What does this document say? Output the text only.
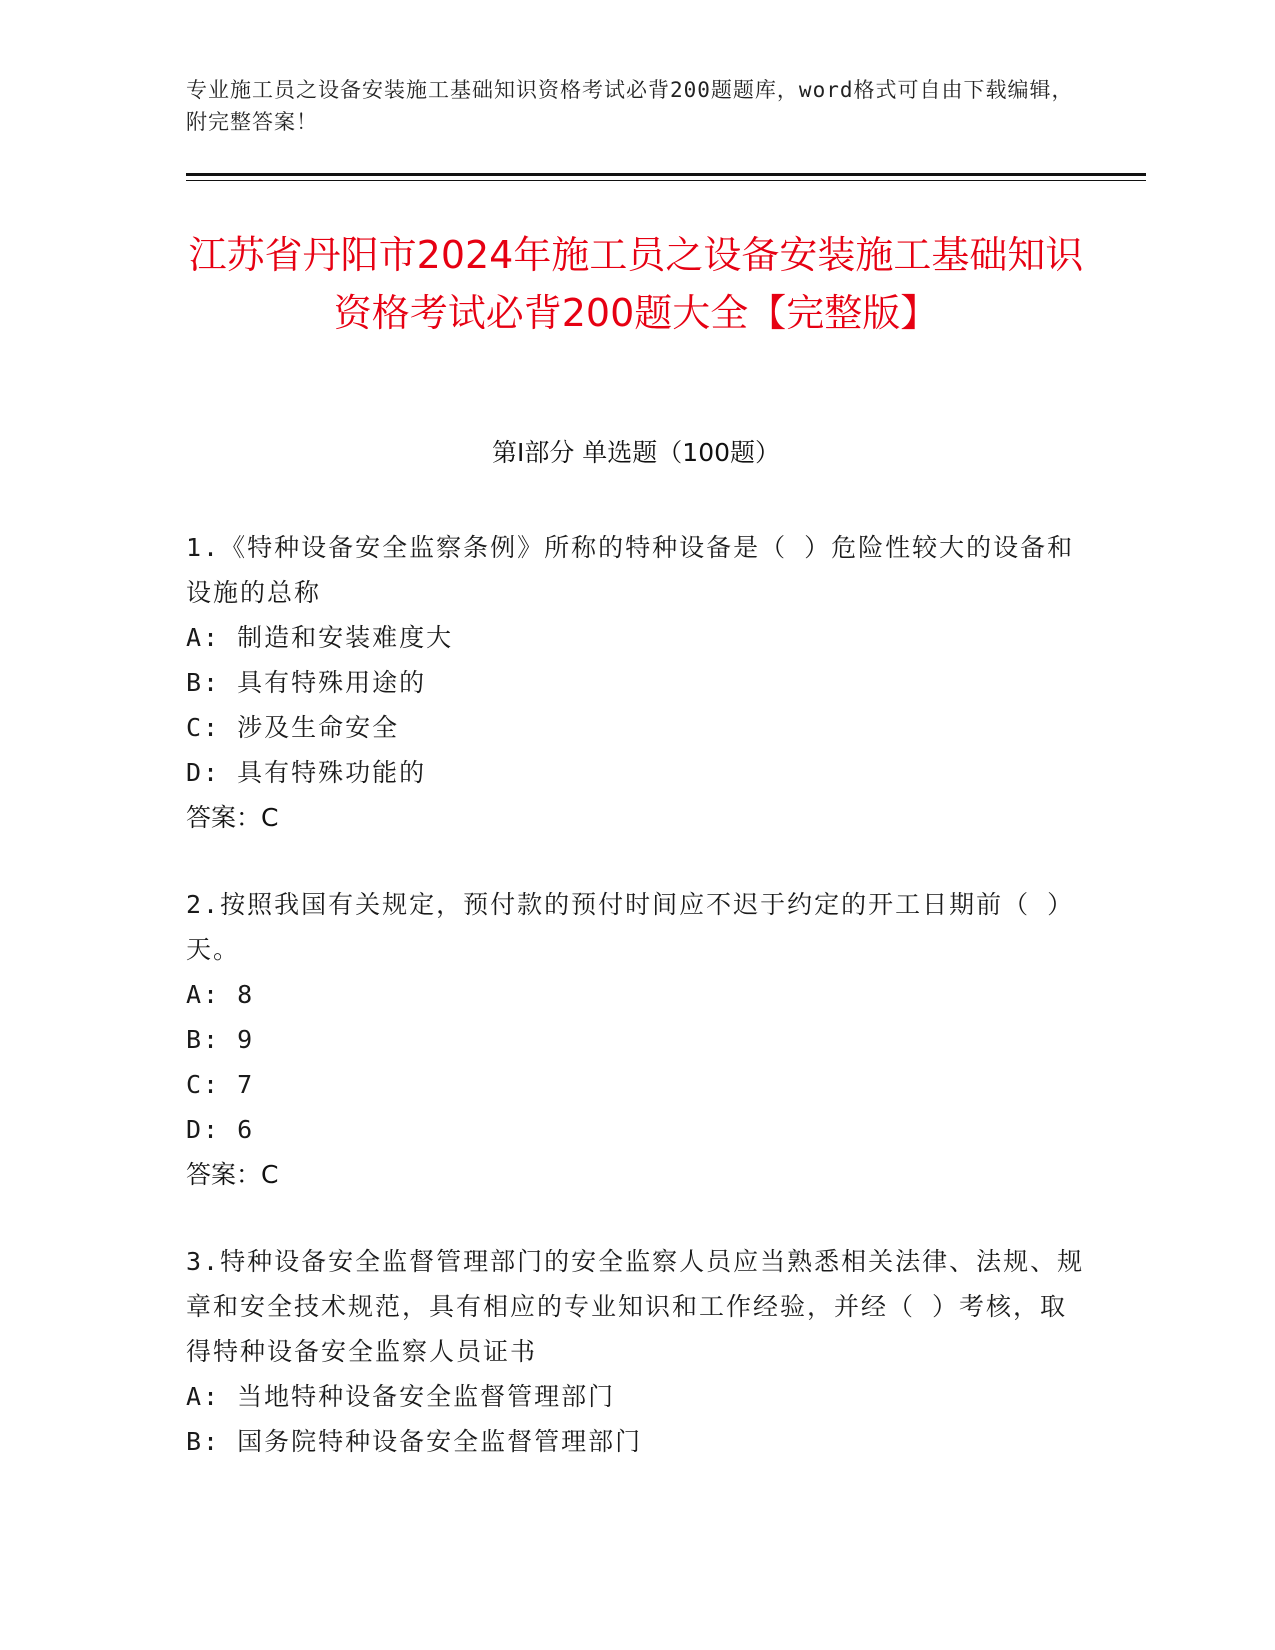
专业施工员之设备安装施工基础知识资格考试必背200题题库，word格式可自由下载编辑，附完整答案！
江苏省丹阳市2024年施工员之设备安装施工基础知识资格考试必背200题大全【完整版】
第Ⅰ部分 单选题（100题）
1.《特种设备安全监察条例》所称的特种设备是（ ）危险性较大的设备和设施的总称
A: 制造和安装难度大
B: 具有特殊用途的
C: 涉及生命安全
D: 具有特殊功能的
答案：C
2.按照我国有关规定，预付款的预付时间应不迟于约定的开工日期前（ ）天。
A: 8
B: 9
C: 7
D: 6
答案：C
3.特种设备安全监督管理部门的安全监察人员应当熟悉相关法律、法规、规章和安全技术规范，具有相应的专业知识和工作经验，并经（ ）考核，取得特种设备安全监察人员证书
A: 当地特种设备安全监督管理部门
B: 国务院特种设备安全监督管理部门
